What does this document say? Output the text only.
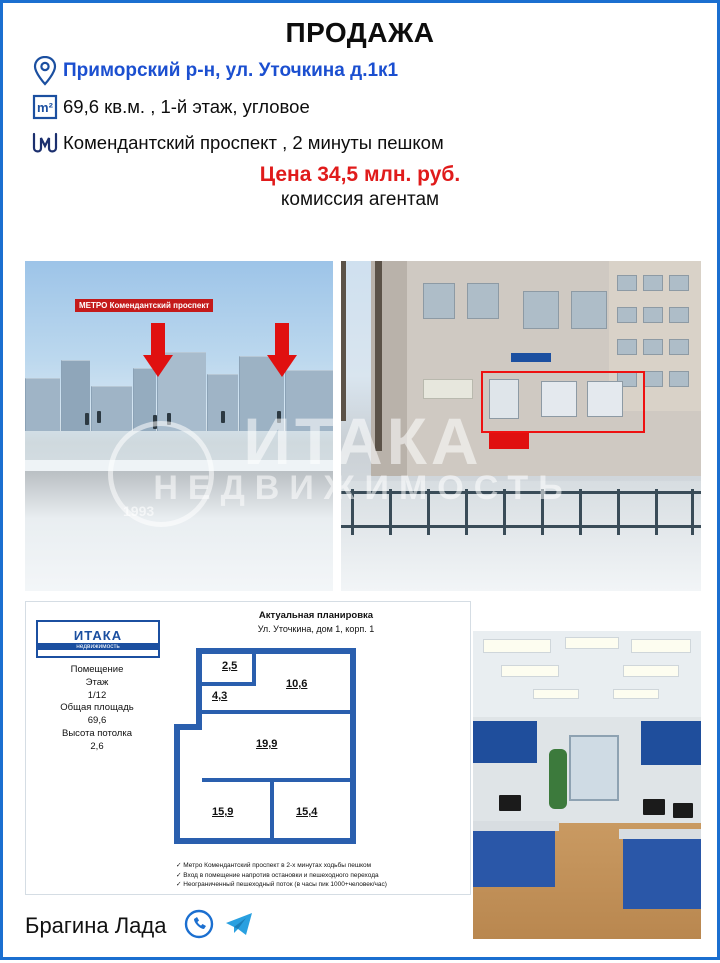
ПРОДАЖА
Приморский р-н, ул. Уточкина д.1к1
m² 69,6 кв.м. , 1-й этаж, угловое
Комендантский проспект , 2 минуты пешком
Цена 34,5 млн. руб.
комиссия агентам
МЕТРО Комендантский проспект
ИТАКА
недвижимость
Помещение
Этаж
1/12
Общая площадь
69,6
Высота потолка
2,6
Актуальная планировка
Ул. Уточкина, дом 1, корп. 1
2,5
4,3
10,6
19,9
15,9	15,4
✓ Метро Комендантский проспект в 2-х минутах ходьбы пешком
✓ Вход в помещение напротив остановки и пешеходного перехода
✓ Неограниченный пешеходный поток (в часы пик 1000+человек/час)
ИТАКА
НЕДВИЖИМОСТЬ
1993
Брагина Лада
